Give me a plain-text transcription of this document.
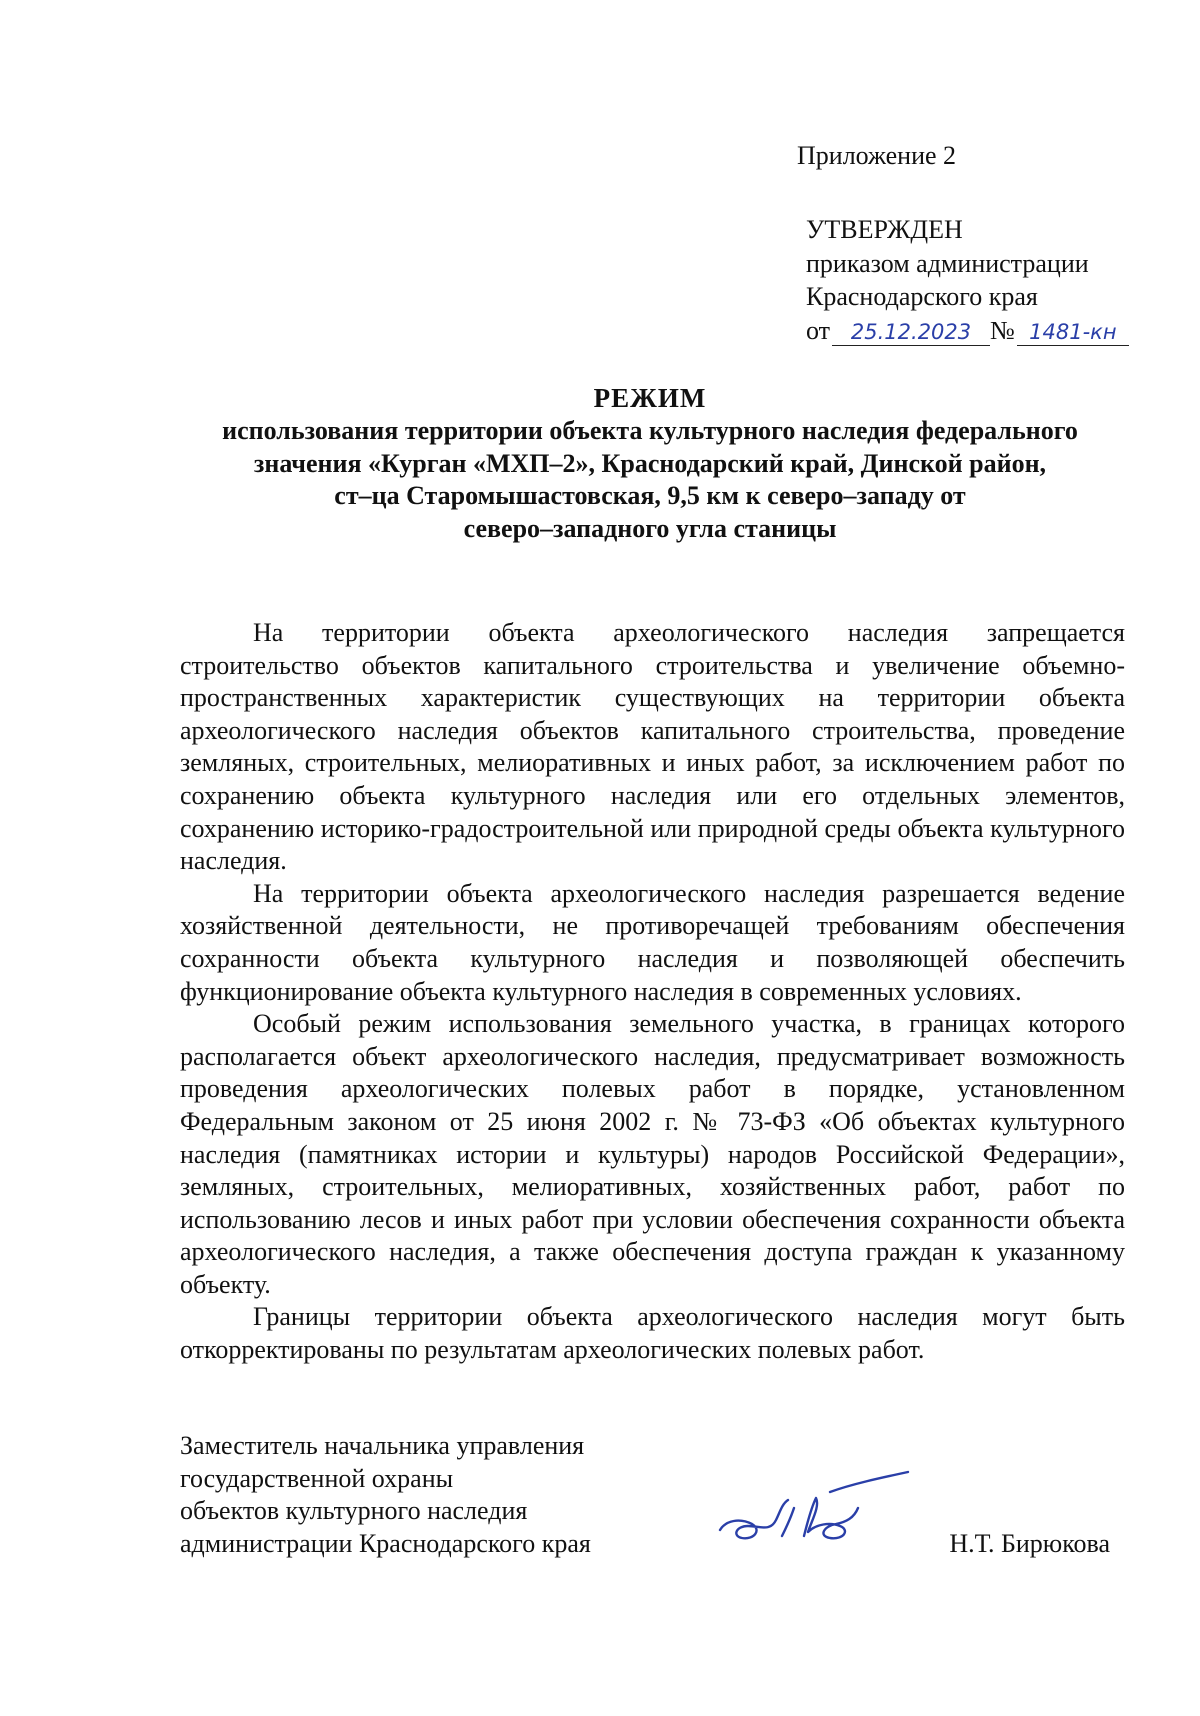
Приложение 2
УТВЕРЖДЕН
приказом администрации
Краснодарского края
от 25.12.2023 № 1481-кн
РЕЖИМ
использования территории объекта культурного наследия федерального
значения «Курган «МХП–2», Краснодарский край, Динской район,
ст–ца Старомышастовская, 9,5 км к северо–западу от
северо–западного угла станицы

На территории объекта археологического наследия запрещается строительство объектов капитального строительства и увеличение объемно-пространственных характеристик существующих на территории объекта археологического наследия объектов капитального строительства, проведение земляных, строительных, мелиоративных и иных работ, за исключением работ по сохранению объекта культурного наследия или его отдельных элементов, сохранению историко-градостроительной или природной среды объекта культурного наследия.

На территории объекта археологического наследия разрешается ведение хозяйственной деятельности, не противоречащей требованиям обеспечения сохранности объекта культурного наследия и позволяющей обеспечить функционирование объекта культурного наследия в современных условиях.

Особый режим использования земельного участка, в границах которого располагается объект археологического наследия, предусматривает возможность проведения археологических полевых работ в порядке, установленном Федеральным законом от 25 июня 2002 г. № 73-ФЗ «Об объектах культурного наследия (памятниках истории и культуры) народов Российской Федерации», земляных, строительных, мелиоративных, хозяйственных работ, работ по использованию лесов и иных работ при условии обеспечения сохранности объекта археологического наследия, а также обеспечения доступа граждан к указанному объекту.

Границы территории объекта археологического наследия могут быть откорректированы по результатам археологических полевых работ.

Заместитель начальника управления
государственной охраны
объектов культурного наследия
администрации Краснодарского края	Н.Т. Бирюкова
